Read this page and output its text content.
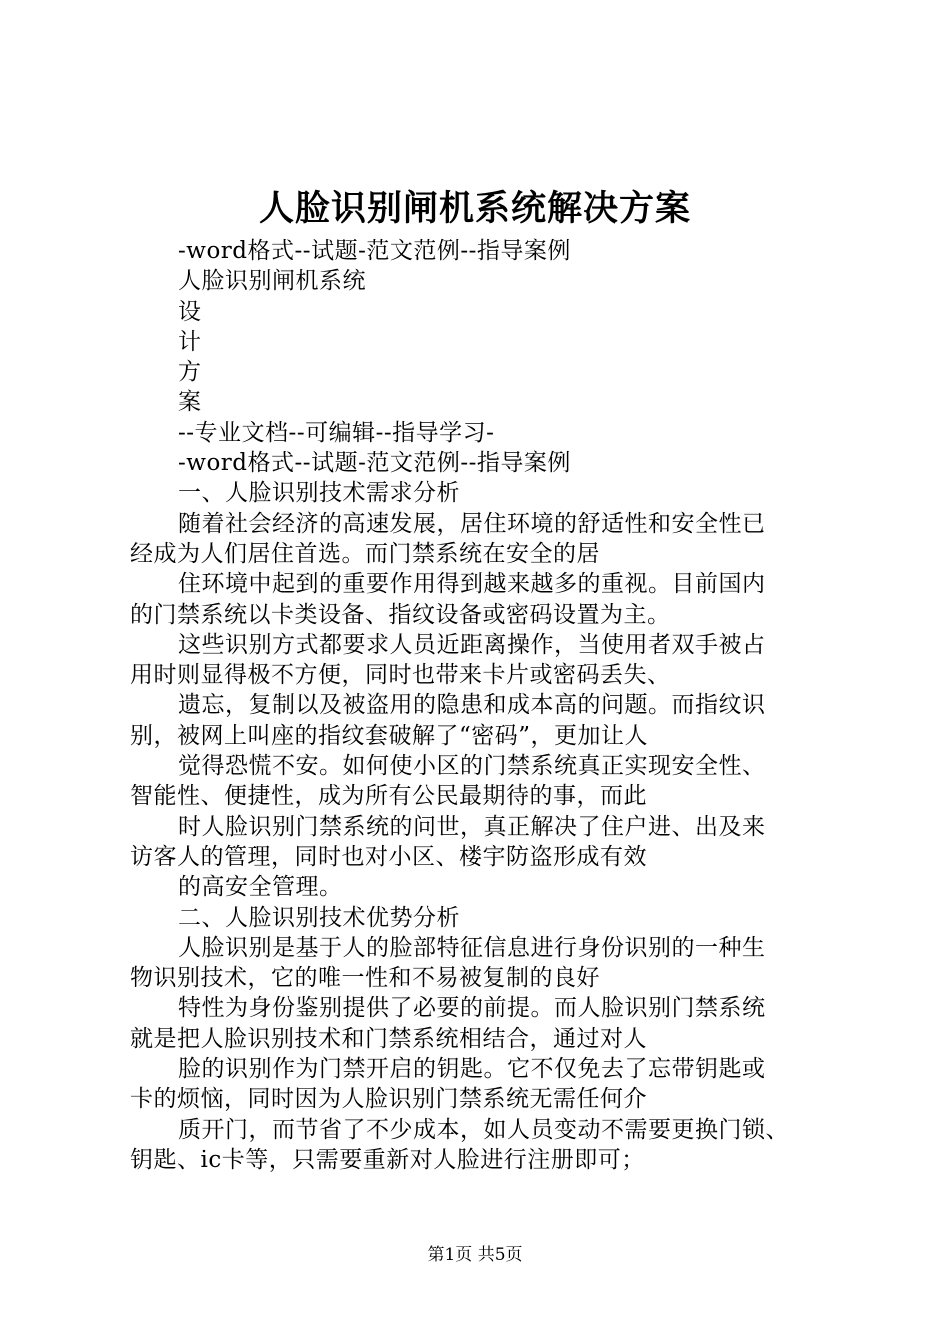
人脸识别闸机系统解决方案
-word格式--试题-范文范例--指导案例
人脸识别闸机系统
设
计
方
案
--专业文档--可编辑--指导学习-
-word格式--试题-范文范例--指导案例
一、人脸识别技术需求分析
随着社会经济的高速发展，居住环境的舒适性和安全性已
经成为人们居住首选。而门禁系统在安全的居
住环境中起到的重要作用得到越来越多的重视。目前国内
的门禁系统以卡类设备、指纹设备或密码设置为主。
这些识别方式都要求人员近距离操作，当使用者双手被占
用时则显得极不方便，同时也带来卡片或密码丢失、
遗忘，复制以及被盗用的隐患和成本高的问题。而指纹识
别，被网上叫座的指纹套破解了“密码”，更加让人
觉得恐慌不安。如何使小区的门禁系统真正实现安全性、
智能性、便捷性，成为所有公民最期待的事，而此
时人脸识别门禁系统的问世，真正解决了住户进、出及来
访客人的管理，同时也对小区、楼宇防盗形成有效
的高安全管理。
二、人脸识别技术优势分析
人脸识别是基于人的脸部特征信息进行身份识别的一种生
物识别技术，它的唯一性和不易被复制的良好
特性为身份鉴别提供了必要的前提。而人脸识别门禁系统
就是把人脸识别技术和门禁系统相结合，通过对人
脸的识别作为门禁开启的钥匙。它不仅免去了忘带钥匙或
卡的烦恼，同时因为人脸识别门禁系统无需任何介
质开门，而节省了不少成本，如人员变动不需要更换门锁、
钥匙、ic卡等，只需要重新对人脸进行注册即可；
第1页 共5页
